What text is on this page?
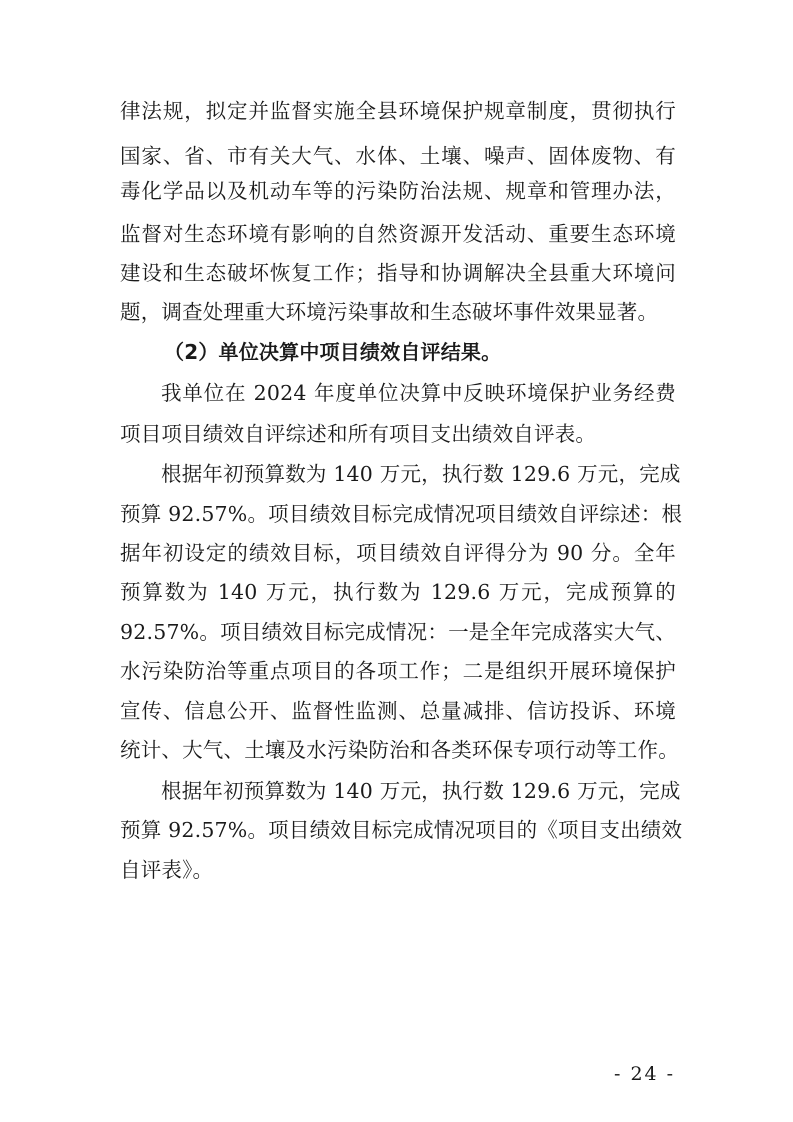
律法规，拟定并监督实施全县环境保护规章制度，贯彻执行
国家、省、市有关大气、水体、土壤、噪声、固体废物、有
毒化学品以及机动车等的污染防治法规、规章和管理办法，
监督对生态环境有影响的自然资源开发活动、重要生态环境
建设和生态破坏恢复工作；指导和协调解决全县重大环境问
题，调查处理重大环境污染事故和生态破坏事件效果显著。
（2）单位决算中项目绩效自评结果。
我单位在 2024 年度单位决算中反映环境保护业务经费
项目项目绩效自评综述和所有项目支出绩效自评表。
根据年初预算数为 140 万元，执行数 129.6 万元，完成
预算 92.57%。项目绩效目标完成情况项目绩效自评综述：根
据年初设定的绩效目标，项目绩效自评得分为 90 分。全年
预算数为 140 万元，执行数为 129.6 万元，完成预算的
92.57%。项目绩效目标完成情况：一是全年完成落实大气、
水污染防治等重点项目的各项工作；二是组织开展环境保护
宣传、信息公开、监督性监测、总量减排、信访投诉、环境
统计、大气、土壤及水污染防治和各类环保专项行动等工作。
根据年初预算数为 140 万元，执行数 129.6 万元，完成
预算 92.57%。项目绩效目标完成情况项目的《项目支出绩效
自评表》。
- 24 -
